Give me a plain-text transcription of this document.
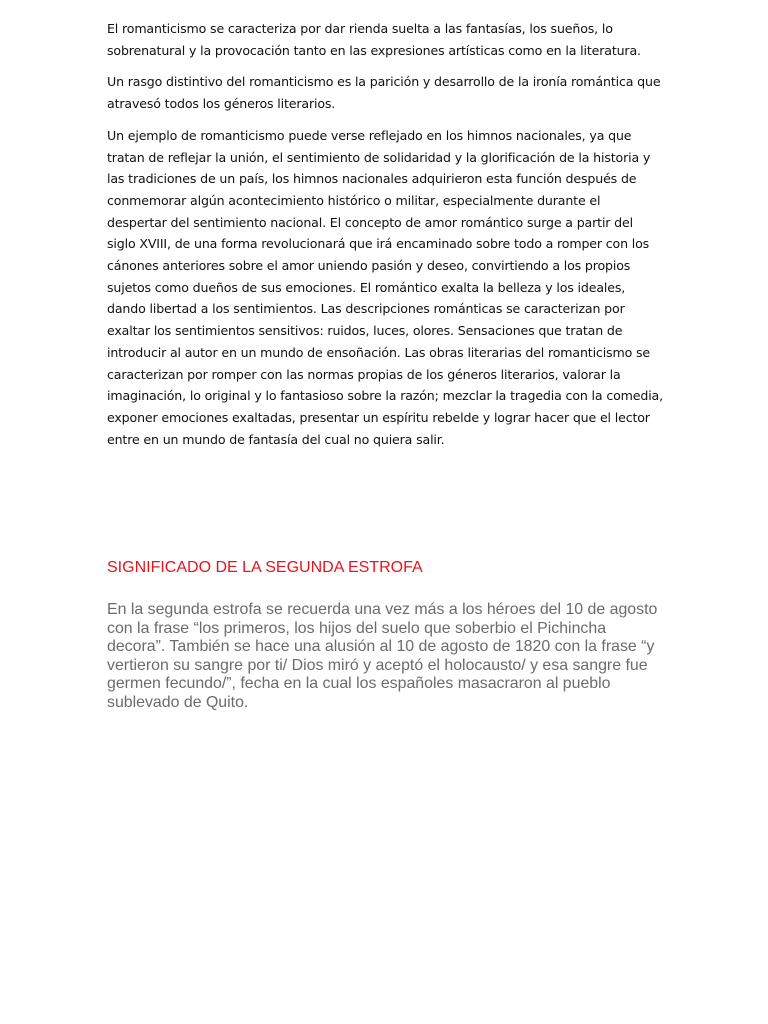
El romanticismo se caracteriza por dar rienda suelta a las fantasías, los sueños, lo sobrenatural y la provocación tanto en las expresiones artísticas como en la literatura.

Un rasgo distintivo del romanticismo es la parición y desarrollo de la ironía romántica que atravesó todos los géneros literarios.

Un ejemplo de romanticismo puede verse reflejado en los himnos nacionales, ya que tratan de reflejar la unión, el sentimiento de solidaridad y la glorificación de la historia y las tradiciones de un país, los himnos nacionales adquirieron esta función después de conmemorar algún acontecimiento histórico o militar, especialmente durante el despertar del sentimiento nacional. El concepto de amor romántico surge a partir del siglo XVIII, de una forma revolucionará que irá encaminado sobre todo a romper con los cánones anteriores sobre el amor uniendo pasión y deseo, convirtiendo a los propios sujetos como dueños de sus emociones. El romántico exalta la belleza y los ideales, dando libertad a los sentimientos. Las descripciones románticas se caracterizan por exaltar los sentimientos sensitivos: ruidos, luces, olores. Sensaciones que tratan de introducir al autor en un mundo de ensoñación. Las obras literarias del romanticismo se caracterizan por romper con las normas propias de los géneros literarios, valorar la imaginación, lo original y lo fantasioso sobre la razón; mezclar la tragedia con la comedia, exponer emociones exaltadas, presentar un espíritu rebelde y lograr hacer que el lector entre en un mundo de fantasía del cual no quiera salir.

SIGNIFICADO DE LA SEGUNDA ESTROFA

En la segunda estrofa se recuerda una vez más a los héroes del 10 de agosto con la frase “los primeros, los hijos del suelo que soberbio el Pichincha decora”. También se hace una alusión al 10 de agosto de 1820 con la frase “y vertieron su sangre por ti/ Dios miró y aceptó el holocausto/ y esa sangre fue germen fecundo/”, fecha en la cual los españoles masacraron al pueblo sublevado de Quito.
